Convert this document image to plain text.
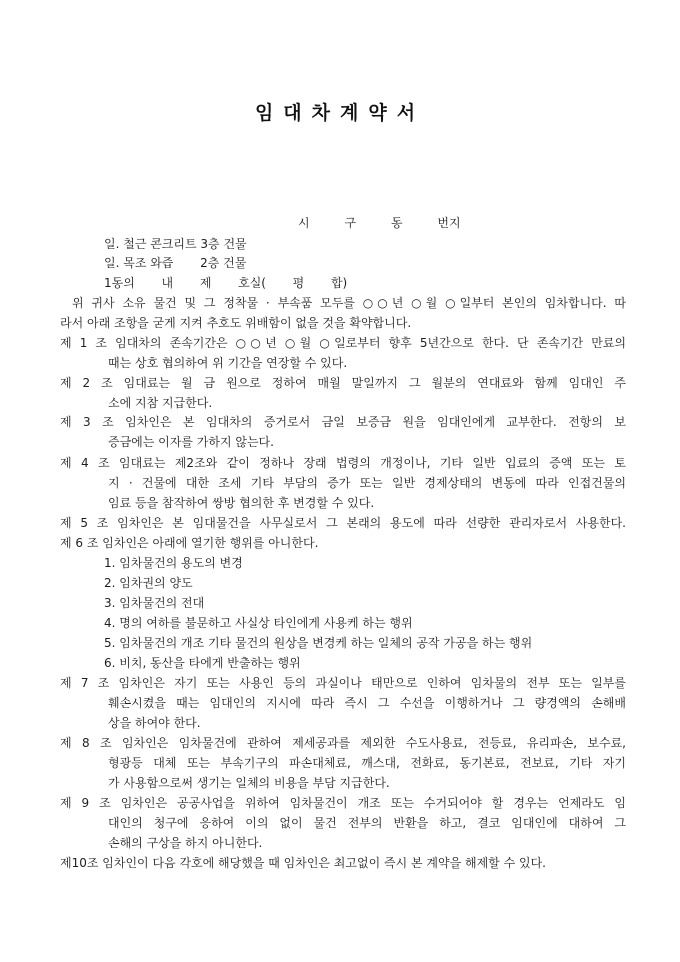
임대차계약서
시      구      동      번지
일. 철근 콘크리트 3층 건물
일. 목조 와즙       2층 건물
1동의       내       제       호실(       평       합)
위 귀사 소유 물건 및 그 정착물 · 부속품 모두를 ○○년 ○월 ○일부터 본인의 임차합니다. 따
라서 아래 조항을 굳게 지켜 추호도 위배함이 없을 것을 확약합니다.
제 1 조 임대차의 존속기간은 ○○년 ○월 ○일로부터 향후 5년간으로 한다. 단 존속기간 만료의
때는 상호 협의하여 위 기간을 연장할 수 있다.
제 2 조 임대료는 월 금 원으로 정하여 매월 말일까지 그 월분의 연대료와 함께 임대인 주
소에 지참 지급한다.
제 3 조 임차인은 본 임대차의 증거로서 금일 보증금 원을 임대인에게 교부한다. 전항의 보
증금에는 이자를 가하지 않는다.
제 4 조 임대료는 제2조와 같이 정하나 장래 법령의 개정이나, 기타 일반 입료의 증액 또는 토
지 · 건물에 대한 조세 기타 부담의 증가 또는 일반 경제상태의 변동에 따라 인접건물의
임료 등을 참작하여 쌍방 협의한 후 변경할 수 있다.
제 5 조 임차인은 본 임대물건을 사무실로서 그 본래의 용도에 따라 선량한 관리자로서 사용한다.
제 6 조 임차인은 아래에 열기한 행위를 아니한다.
1. 임차물건의 용도의 변경
2. 임차권의 양도
3. 임차물건의 전대
4. 명의 여하를 불문하고 사실상 타인에게 사용케 하는 행위
5. 임차물건의 개조 기타 물건의 원상을 변경케 하는 일체의 공작 가공을 하는 행위
6. 비치, 동산을 타에게 반출하는 행위
제 7 조 임차인은 자기 또는 사용인 등의 과실이나 태만으로 인하여 임차물의 전부 또는 일부를
훼손시켰을 때는 임대인의 지시에 따라 즉시 그 수선을 이행하거나 그 량경액의 손해배
상을 하여야 한다.
제 8 조 임차인은 임차물건에 관하여 제세공과를 제외한 수도사용료, 전등료, 유리파손, 보수료,
형광등 대체 또는 부속기구의 파손대체료, 깨스대, 전화료, 동기본료, 전보료, 기타 자기
가 사용함으로써 생기는 일체의 비용을 부담 지급한다.
제 9 조 임차인은 공공사업을 위하여 임차물건이 개조 또는 수거되어야 할 경우는 언제라도 임
대인의 청구에 응하여 이의 없이 물건 전부의 반환을 하고, 결코 임대인에 대하여 그
손해의 구상을 하지 아니한다.
제10조 임차인이 다음 각호에 해당했을 때 임차인은 최고없이 즉시 본 계약을 해제할 수 있다.
